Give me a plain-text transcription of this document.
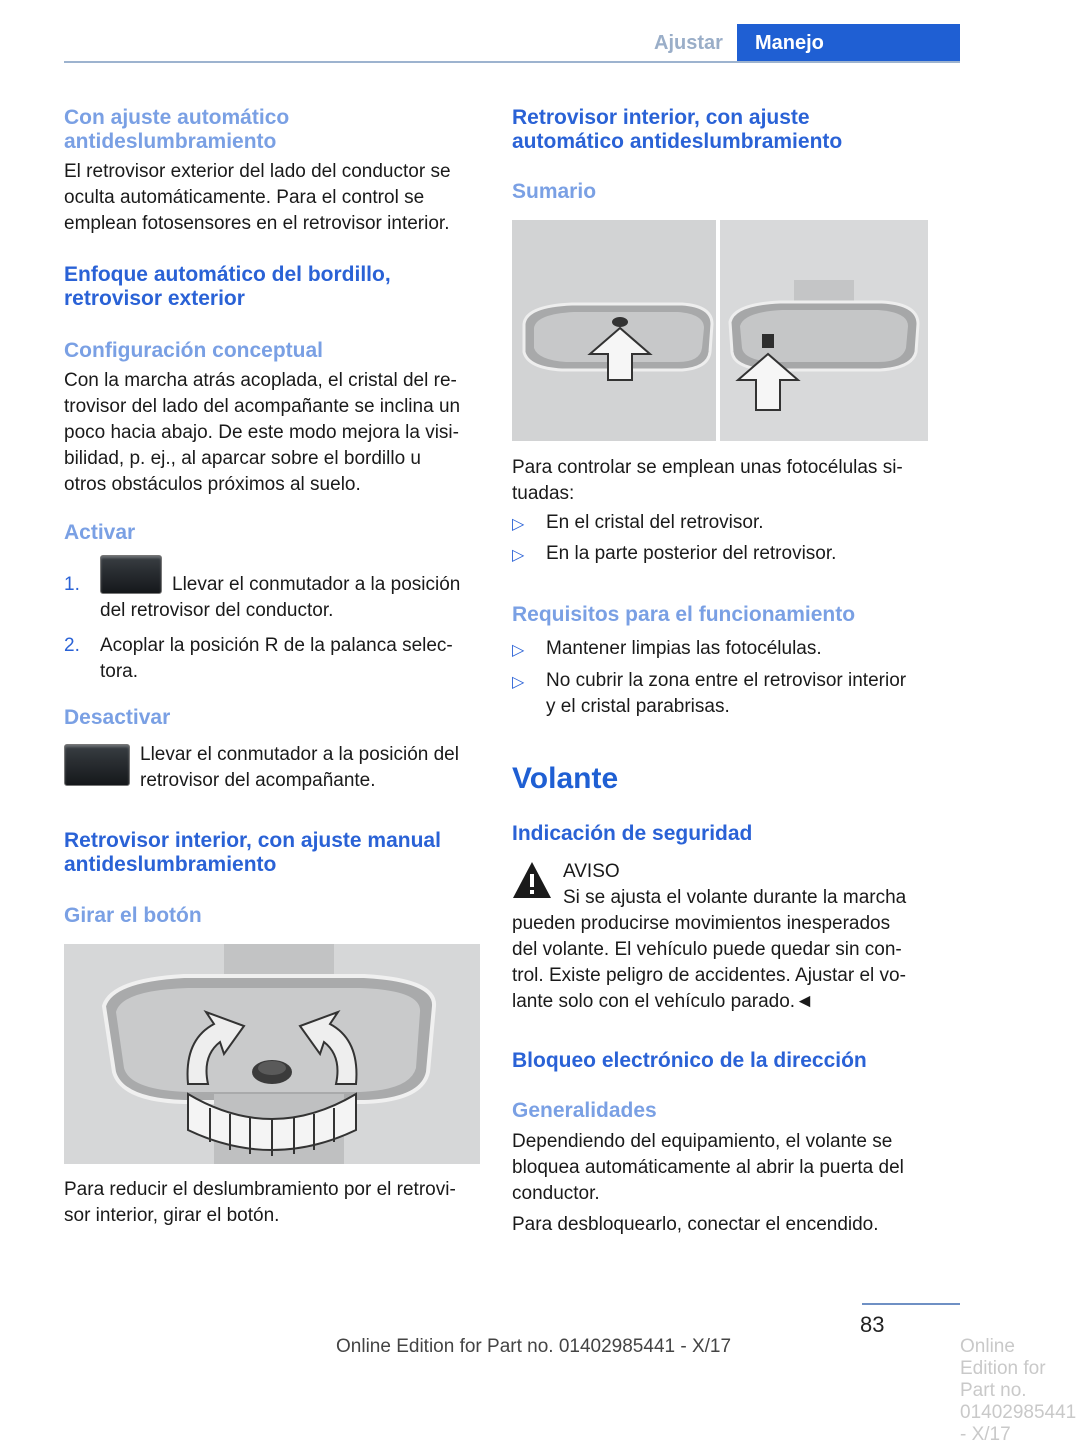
Ajustar	Manejo

Con ajuste automático

antideslumbramiento

El retrovisor exterior del lado del conductor se

oculta automáticamente. Para el control se

emplean fotosensores en el retrovisor interior.

Enfoque automático del bordillo,

retrovisor exterior

Configuración conceptual

Con la marcha atrás acoplada, el cristal del re‐

trovisor del lado del acompañante se inclina un

poco hacia abajo. De este modo mejora la visi‐

bilidad, p. ej., al aparcar sobre el bordillo u

otros obstáculos próximos al suelo.

Activar

1.	Llevar el conmutador a la posición
del retrovisor del conductor.
2. Acoplar la posición R de la palanca selec‐
tora.

Desactivar

Llevar el conmutador a la posición del
retrovisor del acompañante.

Retrovisor interior, con ajuste manual

antideslumbramiento

Girar el botón

Para reducir el deslumbramiento por el retrovi‐

sor interior, girar el botón.

Retrovisor interior, con ajuste

automático antideslumbramiento

Sumario

Para controlar se emplean unas fotocélulas si‐

tuadas:

▷ En el cristal del retrovisor.
▷ En la parte posterior del retrovisor.

Requisitos para el funcionamiento

▷ Mantener limpias las fotocélulas.
▷ No cubrir la zona entre el retrovisor interior
y el cristal parabrisas.

Volante

Indicación de seguridad

AVISO
Si se ajusta el volante durante la marcha

pueden producirse movimientos inesperados

del volante. El vehículo puede quedar sin con‐

trol. Existe peligro de accidentes. Ajustar el vo‐

lante solo con el vehículo parado.◄

Bloqueo electrónico de la dirección

Generalidades

Dependiendo del equipamiento, el volante se

bloquea automáticamente al abrir la puerta del

conductor.

Para desbloquearlo, conectar el encendido.
83
Online Edition for Part no. 01402985441 - X/17	Online Edition for Part no. 01402985441 - X/17
